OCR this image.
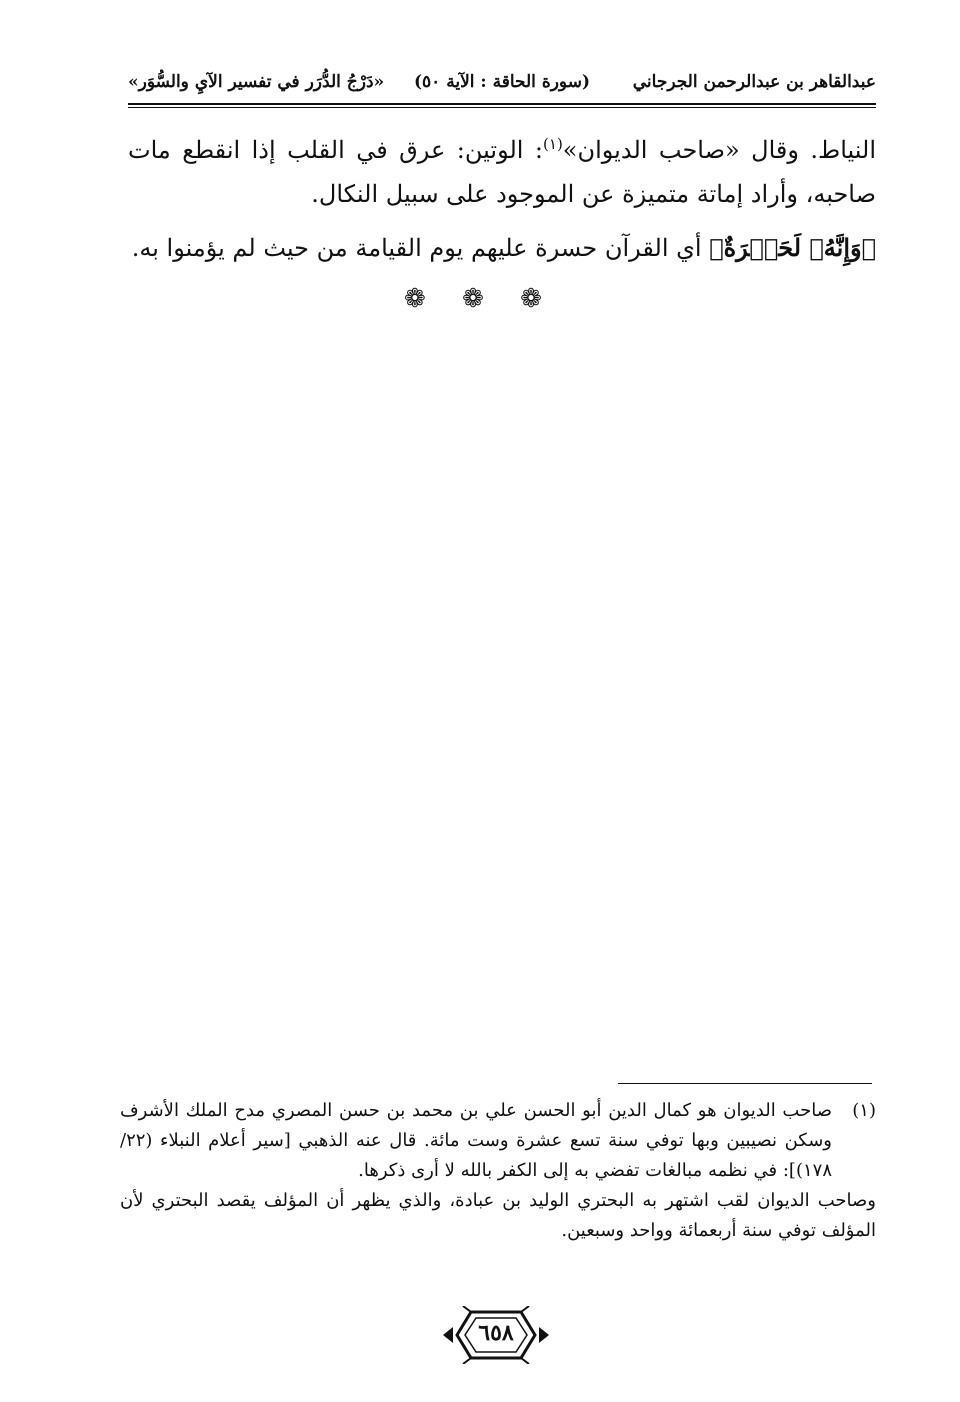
عبدالقاهر بن عبدالرحمن الجرجاني
(سورة الحاقة : الآية ٥٠)
«دَرْجُ الدُّرَر في تفسير الآيِ والسُّوَر»

النياط. وقال «صاحب الديوان»$^{(١)}$: الوتين: عرق في القلب إذا انقطع مات صاحبه، وأراد إماتة متميزة عن الموجود على سبيل النكال.

﴿وَإِنَّهُۥ لَحَسۡرَةٌ﴾ أي القرآن حسرة عليهم يوم القيامة من حيث لم يؤمنوا به.

❁ ❁ ❁
(١)

صاحب الديوان هو كمال الدين أبو الحسن علي بن محمد بن حسن المصري مدح الملك الأشرف وسكن نصيبين وبها توفي سنة تسع عشرة وست مائة. قال عنه الذهبي [سير أعلام النبلاء (٢٢/ ١٧٨)]: في نظمه مبالغات تفضي به إلى الكفر بالله لا أرى ذكرها.

وصاحب الديوان لقب اشتهر به البحتري الوليد بن عبادة، والذي يظهر أن المؤلف يقصد البحتري لأن المؤلف توفي سنة أربعمائة وواحد وسبعين.

٦٥٨
